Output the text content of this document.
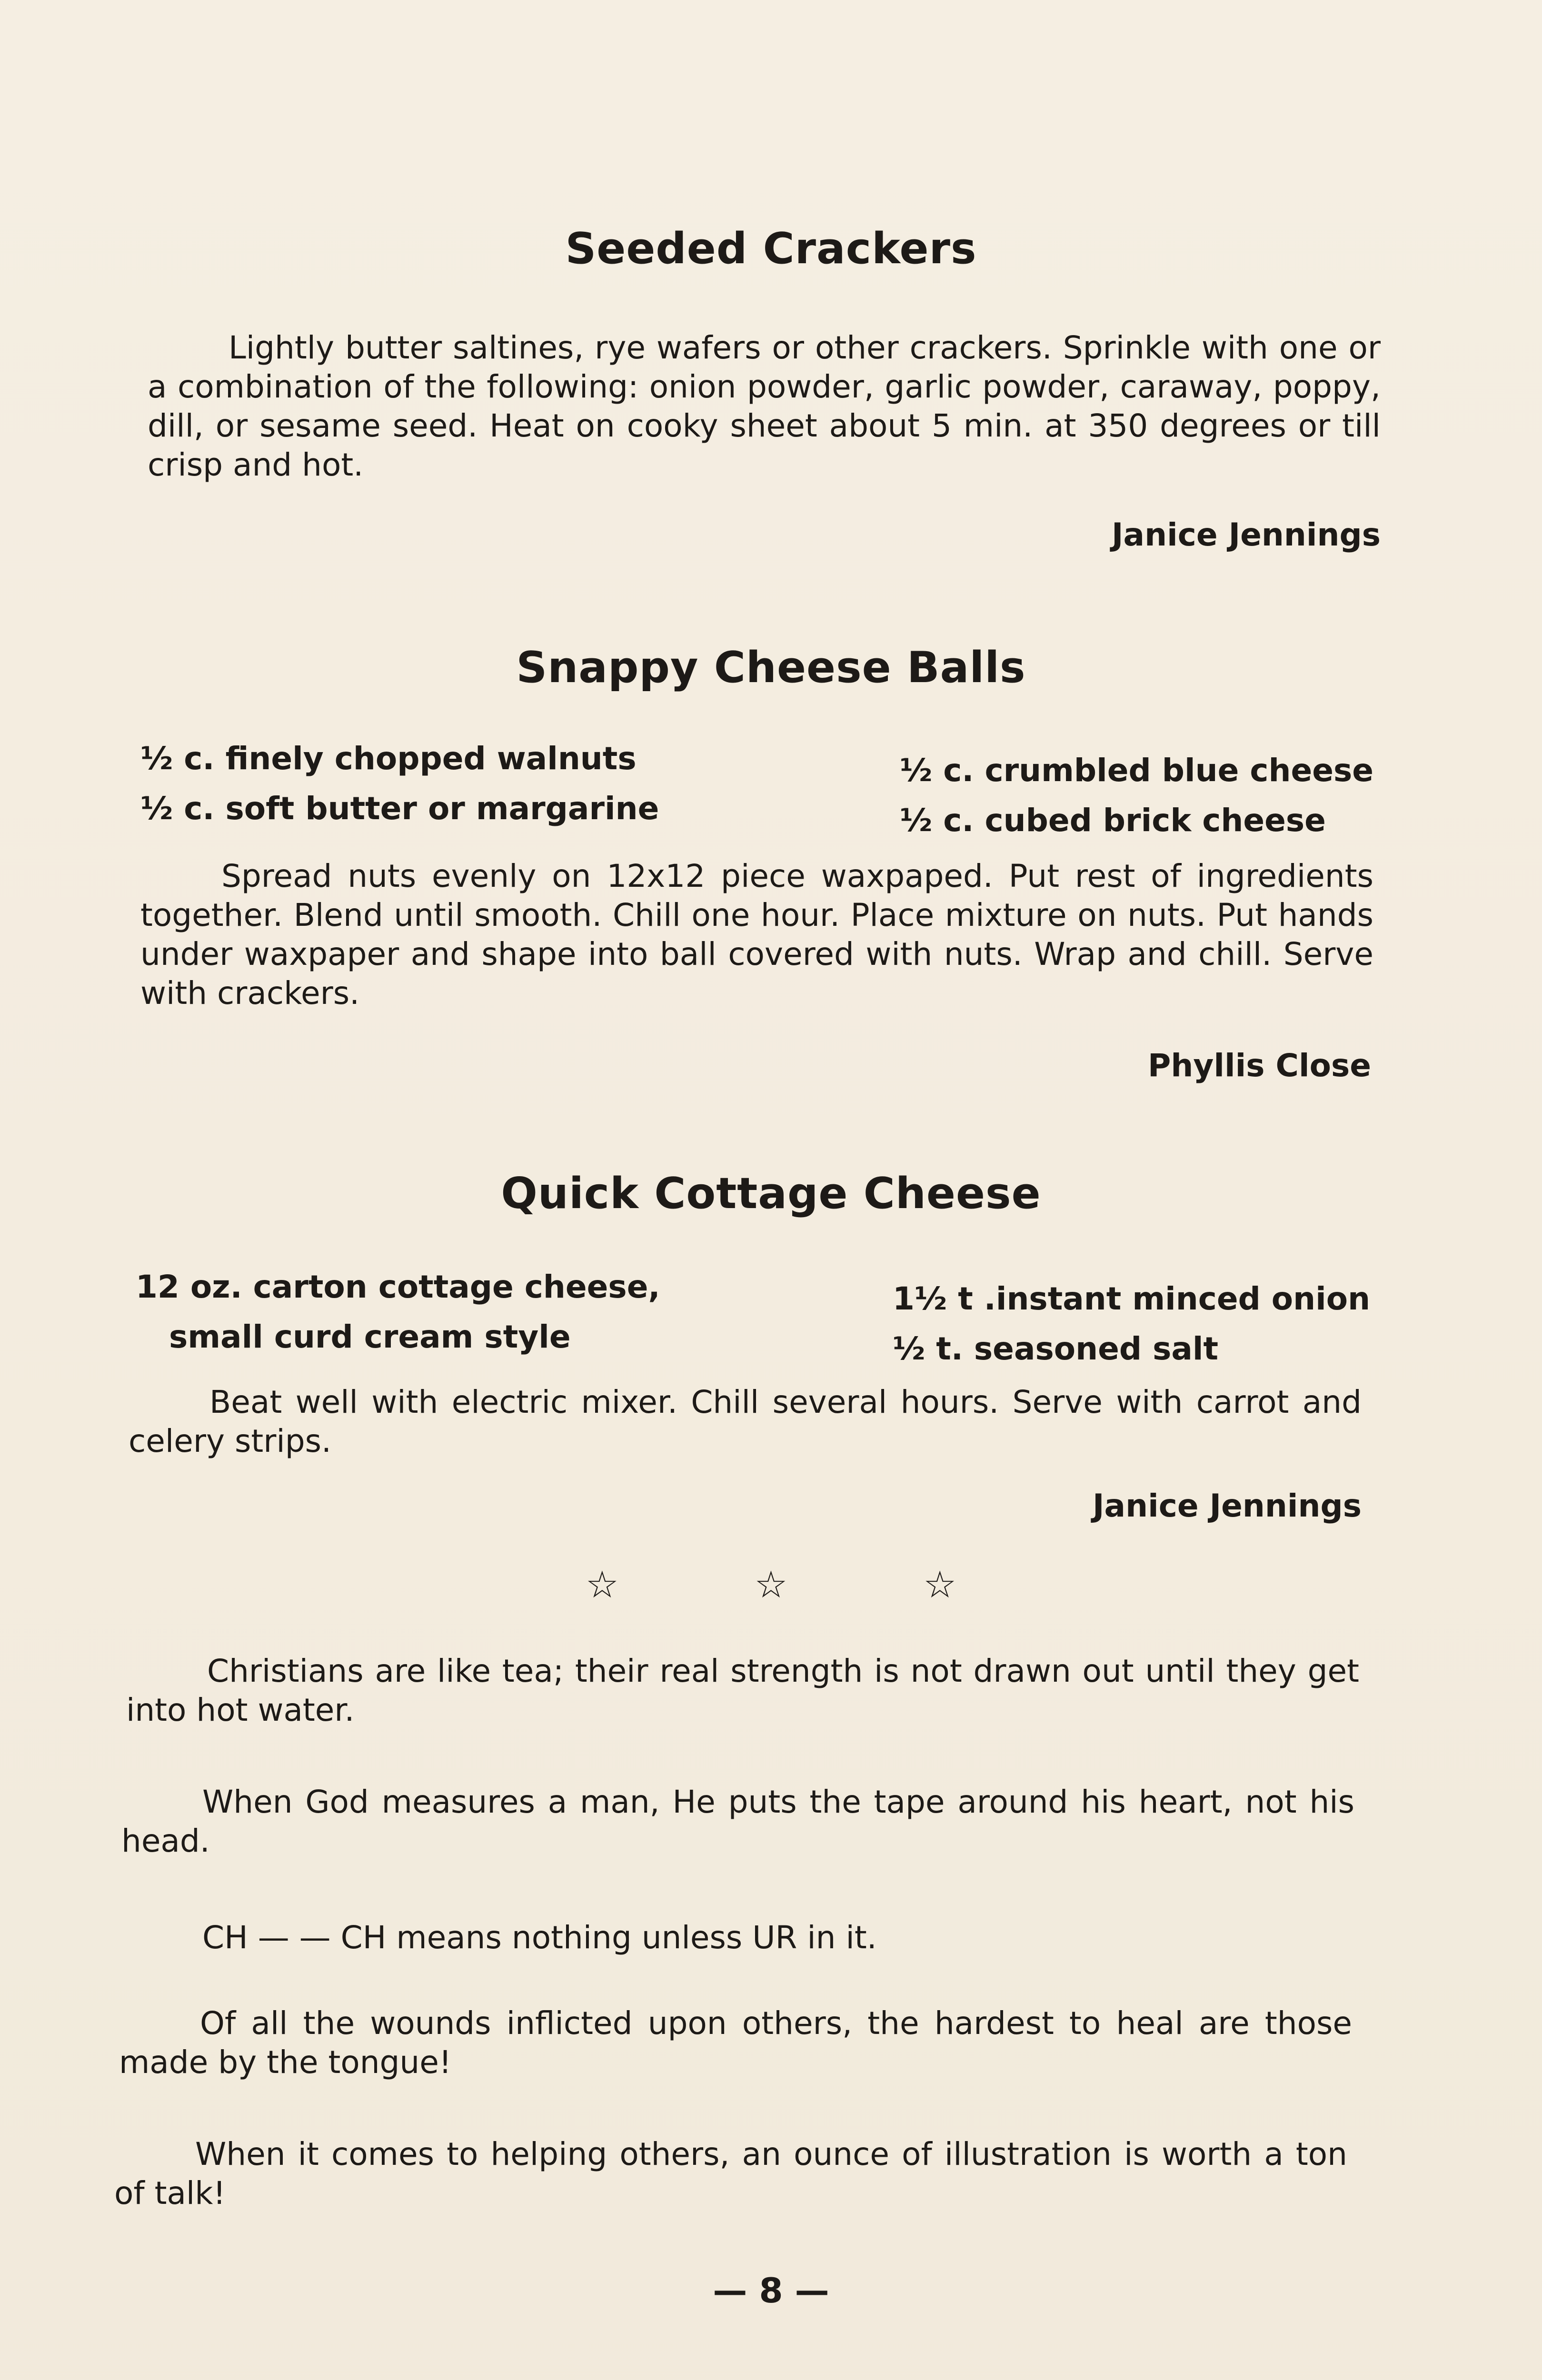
Seeded Crackers
Lightly butter saltines, rye wafers or other crackers. Sprinkle with one or a combination of the following: onion powder, garlic powder, caraway, poppy, dill, or sesame seed. Heat on cooky sheet about 5 min. at 350 degrees or till crisp and hot.
Janice Jennings
Snappy Cheese Balls
½ c. finely chopped walnuts
½ c. soft butter or margarine
½ c. crumbled blue cheese
½ c. cubed brick cheese
Spread nuts evenly on 12x12 piece waxpaped. Put rest of ingredients together. Blend until smooth. Chill one hour. Place mixture on nuts. Put hands under waxpaper and shape into ball covered with nuts. Wrap and chill. Serve with crackers.
Phyllis Close
Quick Cottage Cheese
12 oz. carton cottage cheese,
small curd cream style
1½ t .instant minced onion
½ t. seasoned salt
Beat well with electric mixer. Chill several hours. Serve with carrot and celery strips.
Janice Jennings
☆ ☆ ☆
Christians are like tea; their real strength is not drawn out until they get into hot water.
When God measures a man, He puts the tape around his heart, not his head.
CH — — CH means nothing unless UR in it.
Of all the wounds inflicted upon others, the hardest to heal are those made by the tongue!
When it comes to helping others, an ounce of illustration is worth a ton of talk!
— 8 —
